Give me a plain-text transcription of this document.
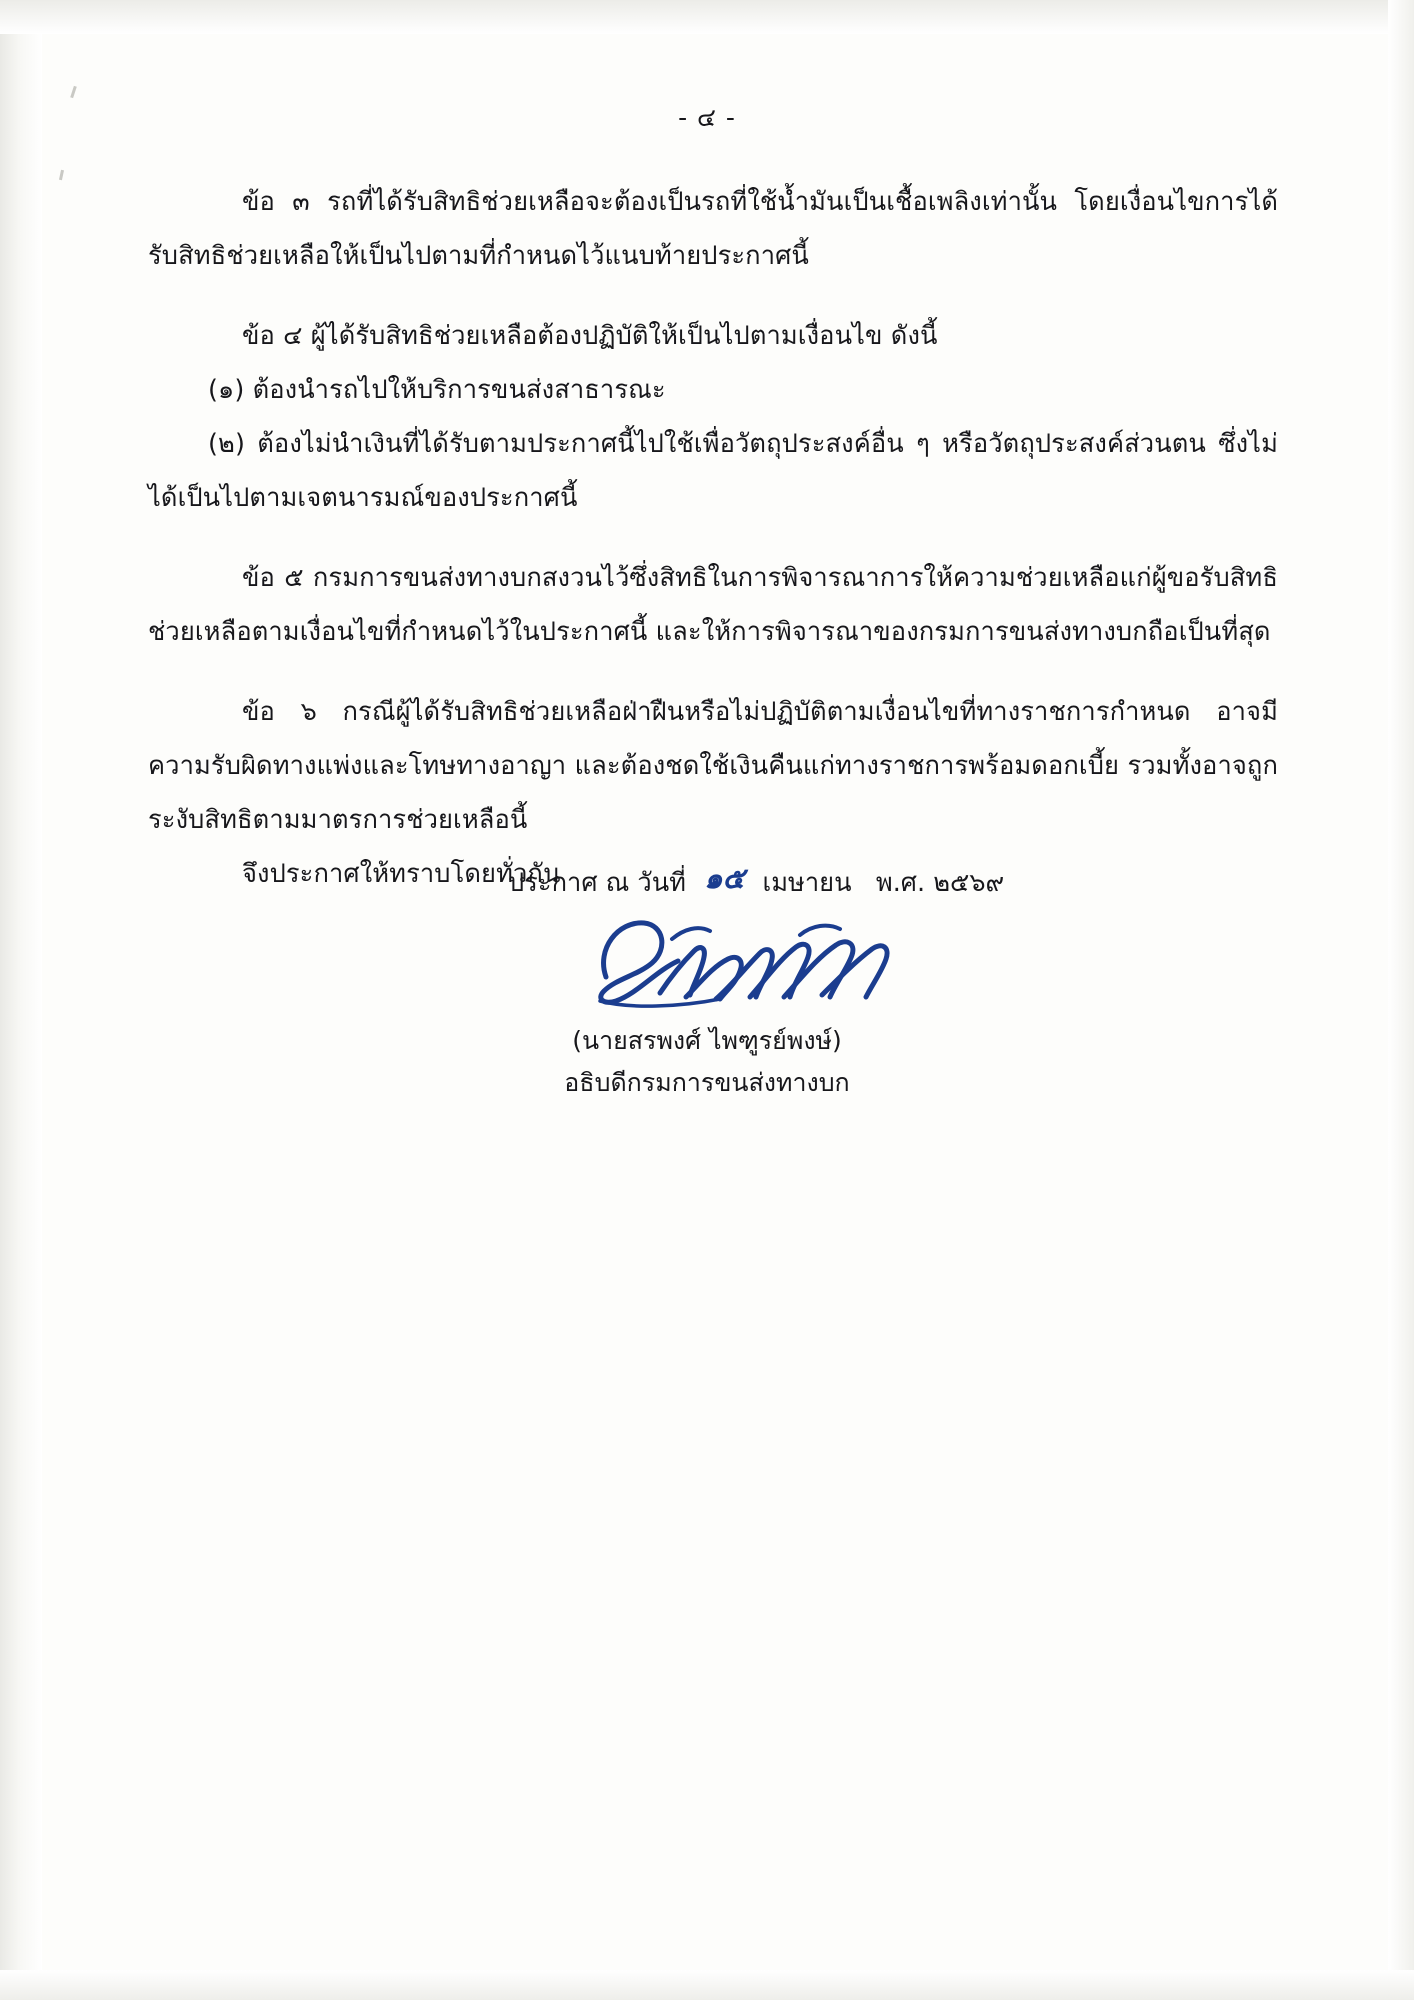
- ๔ -

ข้อ ๓ รถที่ได้รับสิทธิช่วยเหลือจะต้องเป็นรถที่ใช้น้ำมันเป็นเชื้อเพลิงเท่านั้น โดยเงื่อนไขการได้รับสิทธิช่วยเหลือให้เป็นไปตามที่กำหนดไว้แนบท้ายประกาศนี้

ข้อ ๔ ผู้ได้รับสิทธิช่วยเหลือต้องปฏิบัติให้เป็นไปตามเงื่อนไข ดังนี้

(๑) ต้องนำรถไปให้บริการขนส่งสาธารณะ

(๒) ต้องไม่นำเงินที่ได้รับตามประกาศนี้ไปใช้เพื่อวัตถุประสงค์อื่น ๆ หรือวัตถุประสงค์ส่วนตน ซึ่งไม่ได้เป็นไปตามเจตนารมณ์ของประกาศนี้

ข้อ ๕ กรมการขนส่งทางบกสงวนไว้ซึ่งสิทธิในการพิจารณาการให้ความช่วยเหลือแก่ผู้ขอรับสิทธิช่วยเหลือตามเงื่อนไขที่กำหนดไว้ในประกาศนี้ และให้การพิจารณาของกรมการขนส่งทางบกถือเป็นที่สุด

ข้อ ๖ กรณีผู้ได้รับสิทธิช่วยเหลือฝ่าฝืนหรือไม่ปฏิบัติตามเงื่อนไขที่ทางราชการกำหนด อาจมีความรับผิดทางแพ่งและโทษทางอาญา และต้องชดใช้เงินคืนแก่ทางราชการพร้อมดอกเบี้ย รวมทั้งอาจถูกระงับสิทธิตามมาตรการช่วยเหลือนี้

จึงประกาศให้ทราบโดยทั่วกัน

ประกาศ ณ วันที่ ๑๕ เมษายน พ.ศ. ๒๕๖๙
(นายสรพงศ์ ไพฑูรย์พงษ์)
อธิบดีกรมการขนส่งทางบก
